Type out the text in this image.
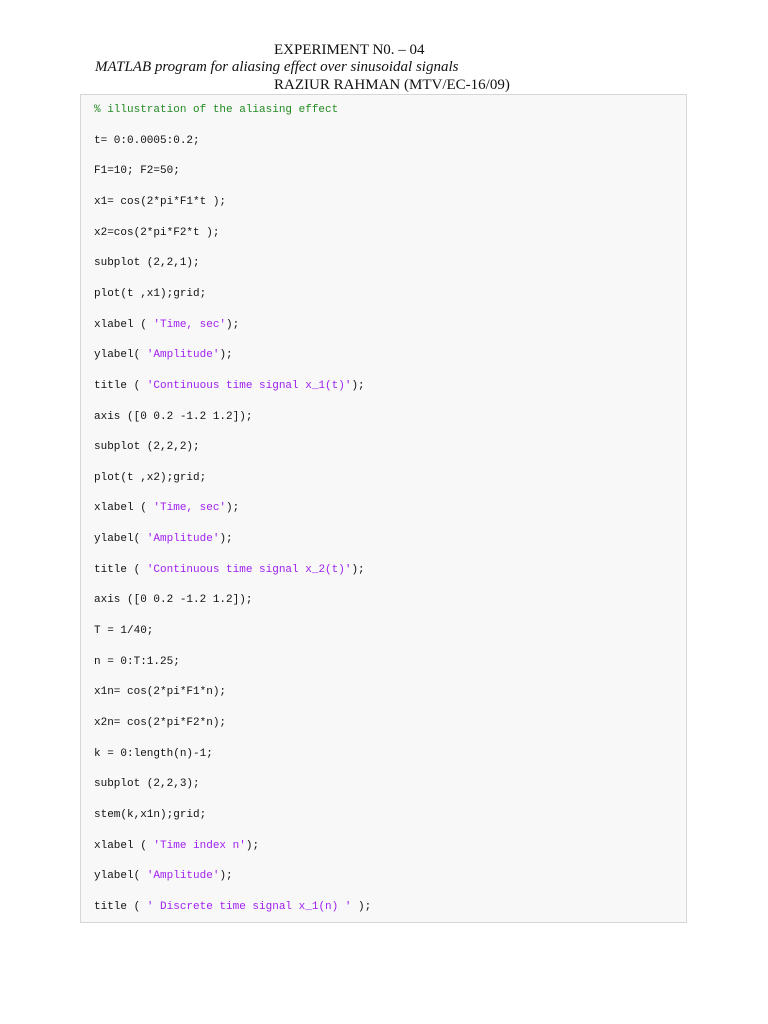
EXPERIMENT N0. – 04
MATLAB program for aliasing effect over sinusoidal signals
RAZIUR RAHMAN (MTV/EC-16/09)
% illustration of the aliasing effect
t= 0:0.0005:0.2;
F1=10; F2=50;
x1= cos(2*pi*F1*t );
x2=cos(2*pi*F2*t );
subplot (2,2,1);
plot(t ,x1);grid;
xlabel ( 'Time, sec');
ylabel( 'Amplitude');
title ( 'Continuous time signal x_1(t)');
axis ([0 0.2 -1.2 1.2]);
subplot (2,2,2);
plot(t ,x2);grid;
xlabel ( 'Time, sec');
ylabel( 'Amplitude');
title ( 'Continuous time signal x_2(t)');
axis ([0 0.2 -1.2 1.2]);
T = 1/40;
n = 0:T:1.25;
x1n= cos(2*pi*F1*n);
x2n= cos(2*pi*F2*n);
k = 0:length(n)-1;
subplot (2,2,3);
stem(k,x1n);grid;
xlabel ( 'Time index n');
ylabel( 'Amplitude');
title ( ' Discrete time signal x_1(n) ' );
